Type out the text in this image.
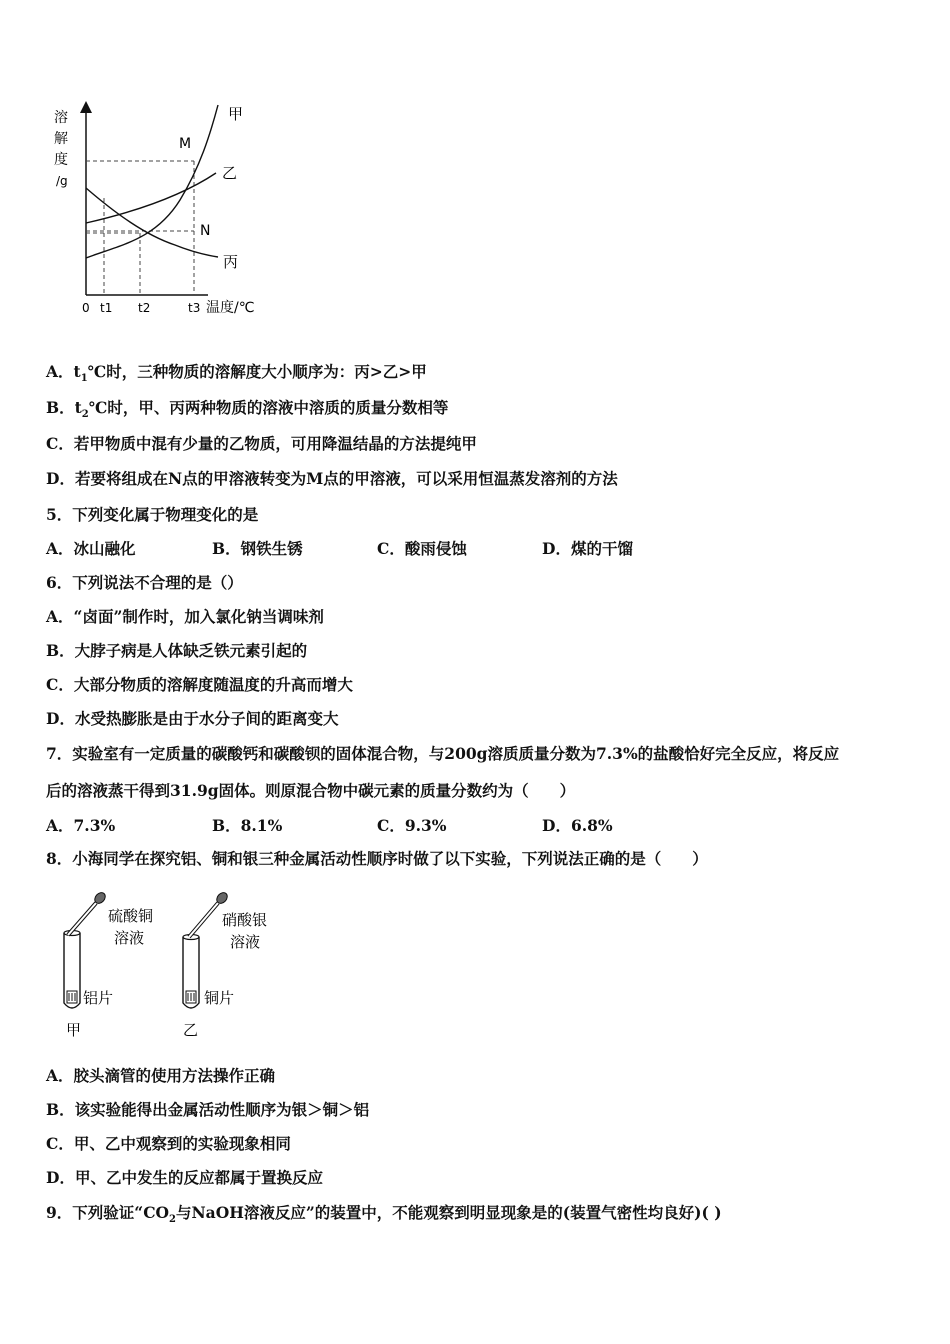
溶
解
度
/g
0 t1 t2	t3 温度/℃
甲
乙
丙
M
N
A．$t_1℃$时，三种物质的溶解度大小顺序为：丙>乙>甲
B．$t_2℃$时，甲、丙两种物质的溶液中溶质的质量分数相等
C．若甲物质中混有少量的乙物质，可用降温结晶的方法提纯甲
D．若要将组成在N点的甲溶液转变为M点的甲溶液，可以采用恒温蒸发溶剂的方法
5．下列变化属于物理变化的是
A．冰山融化	B．钢铁生锈	C．酸雨侵蚀	D．煤的干馏
6．下列说法不合理的是（）
A．“卤面”制作时，加入氯化钠当调味剂
B．大脖子病是人体缺乏铁元素引起的
C．大部分物质的溶解度随温度的升高而增大
D．水受热膨胀是由于水分子间的距离变大
7．实验室有一定质量的碳酸钙和碳酸钡的固体混合物，与200g溶质质量分数为7.3%的盐酸恰好完全反应，将反应
后的溶液蒸干得到31.9g固体。则原混合物中碳元素的质量分数约为（　　）
A．7.3%	B．8.1%	C．9.3%	D．6.8%
8．小海同学在探究铝、铜和银三种金属活动性顺序时做了以下实验，下列说法正确的是（　　）
硫酸铜
溶液
铝片
甲
硝酸银
溶液
铜片
乙
A．胶头滴管的使用方法操作正确
B．该实验能得出金属活动性顺序为银＞铜＞铝
C．甲、乙中观察到的实验现象相同
D．甲、乙中发生的反应都属于置换反应
9．下列验证“$CO_2$与NaOH溶液反应”的装置中，不能观察到明显现象是的(装置气密性均良好)( )
